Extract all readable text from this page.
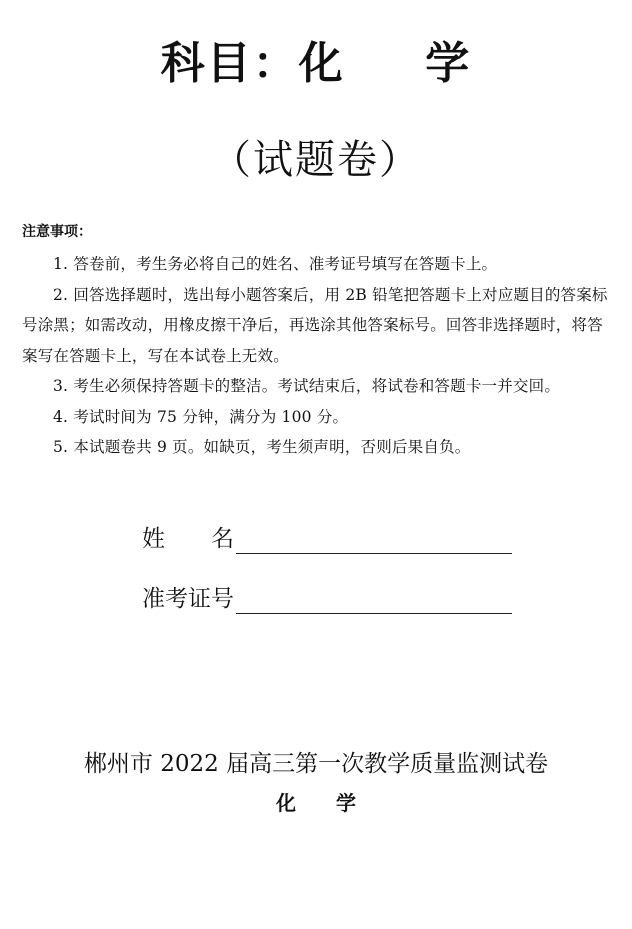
科目：化　  学
（试题卷）
注意事项：

1. 答卷前，考生务必将自己的姓名、准考证号填写在答题卡上。

2. 回答选择题时，选出每小题答案后，用 2B 铅笔把答题卡上对应题目的答案标号涂黑；如需改动，用橡皮擦干净后，再选涂其他答案标号。回答非选择题时，将答案写在答题卡上，写在本试卷上无效。

3. 考生必须保持答题卡的整洁。考试结束后，将试卷和答题卡一并交回。

4. 考试时间为 75 分钟，满分为 100 分。

5. 本试题卷共 9 页。如缺页，考生须声明，否则后果自负。

姓　　名
准考证号
郴州市 2022 届高三第一次教学质量监测试卷
化　　学
